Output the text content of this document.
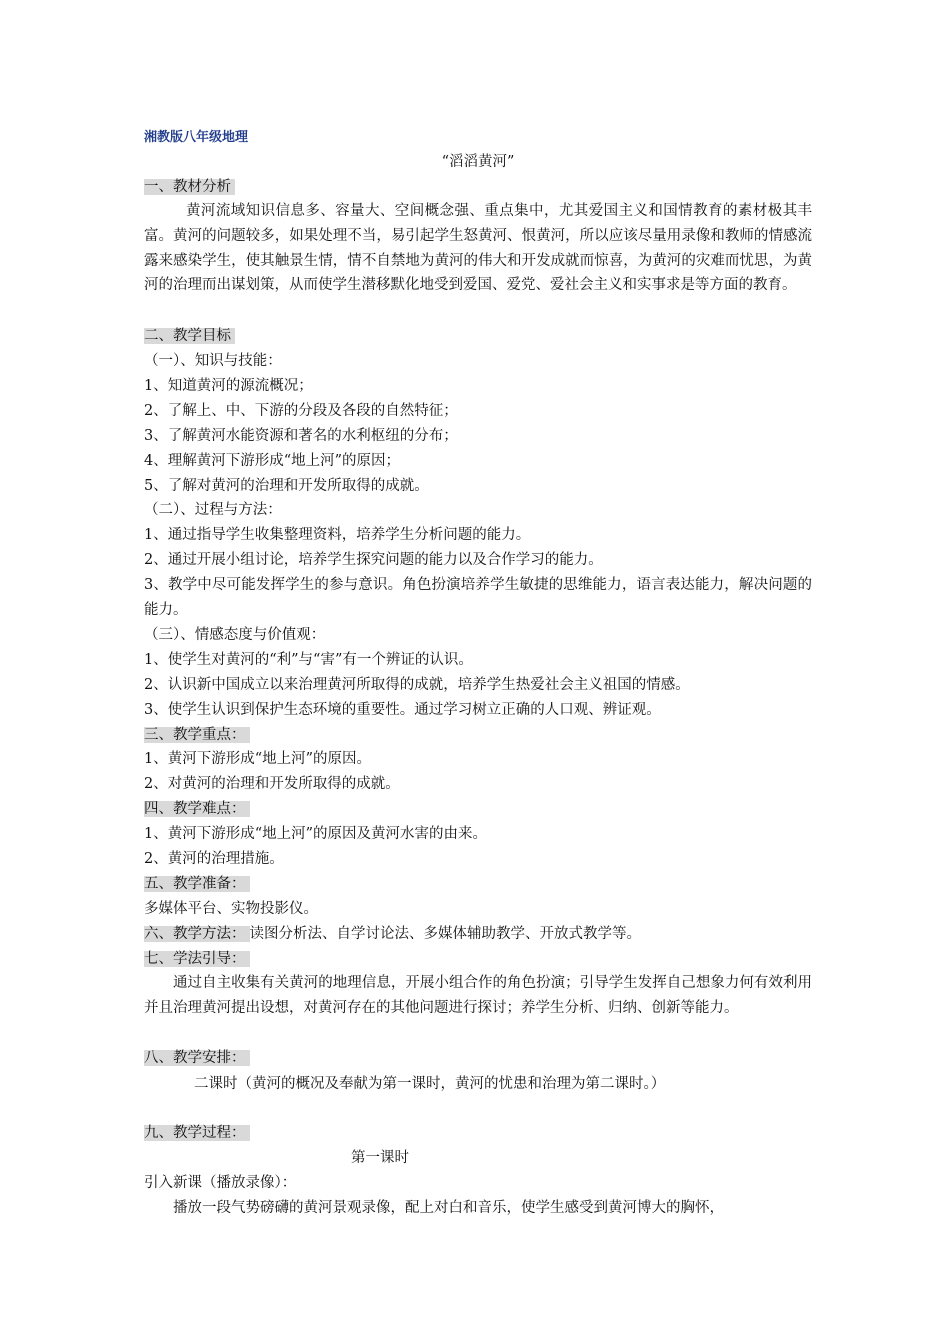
湘教版八年级地理
“滔滔黄河”
一、教材分析
黄河流域知识信息多、容量大、空间概念强、重点集中，尤其爱国主义和国情教育的素材极其丰富。黄河的问题较多，如果处理不当，易引起学生怒黄河、恨黄河，所以应该尽量用录像和教师的情感流露来感染学生，使其触景生情，情不自禁地为黄河的伟大和开发成就而惊喜，为黄河的灾难而忧思，为黄河的治理而出谋划策，从而使学生潜移默化地受到爱国、爱党、爱社会主义和实事求是等方面的教育。
二、教学目标
（一）、知识与技能：
1、知道黄河的源流概况；
2、了解上、中、下游的分段及各段的自然特征；
3、了解黄河水能资源和著名的水利枢纽的分布；
4、理解黄河下游形成“地上河”的原因；
5、了解对黄河的治理和开发所取得的成就。
（二）、过程与方法：
1、通过指导学生收集整理资料，培养学生分析问题的能力。
2、通过开展小组讨论，培养学生探究问题的能力以及合作学习的能力。
3、教学中尽可能发挥学生的参与意识。角色扮演培养学生敏捷的思维能力，语言表达能力，解决问题的能力。
（三）、情感态度与价值观：
1、使学生对黄河的“利”与“害”有一个辨证的认识。
2、认识新中国成立以来治理黄河所取得的成就，培养学生热爱社会主义祖国的情感。
3、使学生认识到保护生态环境的重要性。通过学习树立正确的人口观、辨证观。
三、教学重点：
1、黄河下游形成“地上河”的原因。
2、对黄河的治理和开发所取得的成就。
四、教学难点：
1、黄河下游形成“地上河”的原因及黄河水害的由来。
2、黄河的治理措施。
五、教学准备：
多媒体平台、实物投影仪。
六、教学方法： 读图分析法、自学讨论法、多媒体辅助教学、开放式教学等。
七、学法引导：
通过自主收集有关黄河的地理信息，开展小组合作的角色扮演；引导学生发挥自己想象力何有效利用并且治理黄河提出设想，对黄河存在的其他问题进行探讨；养学生分析、归纳、创新等能力。
八、教学安排：
二课时（黄河的概况及奉献为第一课时，黄河的忧患和治理为第二课时。）
九、教学过程：
第一课时
引入新课（播放录像）：
播放一段气势磅礴的黄河景观录像，配上对白和音乐，使学生感受到黄河博大的胸怀，
